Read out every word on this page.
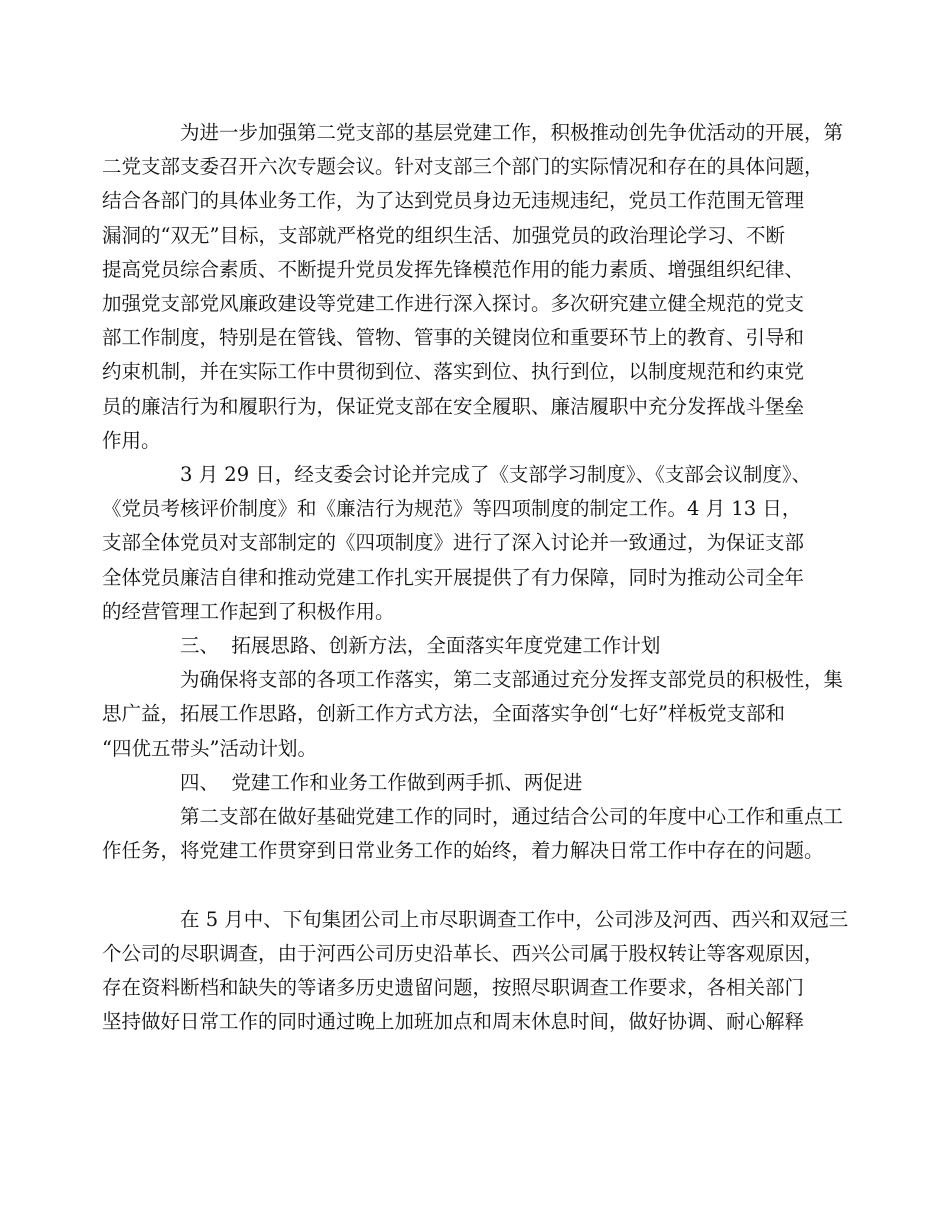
为进一步加强第二党支部的基层党建工作，积极推动创先争优活动的开展，第
二党支部支委召开六次专题会议。针对支部三个部门的实际情况和存在的具体问题，
结合各部门的具体业务工作，为了达到党员身边无违规违纪，党员工作范围无管理
漏洞的“双无”目标，支部就严格党的组织生活、加强党员的政治理论学习、不断
提高党员综合素质、不断提升党员发挥先锋模范作用的能力素质、增强组织纪律、
加强党支部党风廉政建设等党建工作进行深入探讨。多次研究建立健全规范的党支
部工作制度，特别是在管钱、管物、管事的关键岗位和重要环节上的教育、引导和
约束机制，并在实际工作中贯彻到位、落实到位、执行到位，以制度规范和约束党
员的廉洁行为和履职行为，保证党支部在安全履职、廉洁履职中充分发挥战斗堡垒
作用。
3 月 29 日，经支委会讨论并完成了《支部学习制度》、《支部会议制度》、
《党员考核评价制度》和《廉洁行为规范》等四项制度的制定工作。4 月 13 日，
支部全体党员对支部制定的《四项制度》进行了深入讨论并一致通过，为保证支部
全体党员廉洁自律和推动党建工作扎实开展提供了有力保障，同时为推动公司全年
的经营管理工作起到了积极作用。
三、  拓展思路、创新方法，全面落实年度党建工作计划
为确保将支部的各项工作落实，第二支部通过充分发挥支部党员的积极性，集
思广益，拓展工作思路，创新工作方式方法，全面落实争创“七好”样板党支部和
“四优五带头”活动计划。
四、  党建工作和业务工作做到两手抓、两促进
第二支部在做好基础党建工作的同时，通过结合公司的年度中心工作和重点工
作任务，将党建工作贯穿到日常业务工作的始终，着力解决日常工作中存在的问题。
在 5 月中、下旬集团公司上市尽职调查工作中，公司涉及河西、西兴和双冠三
个公司的尽职调查，由于河西公司历史沿革长、西兴公司属于股权转让等客观原因，
存在资料断档和缺失的等诸多历史遗留问题，按照尽职调查工作要求，各相关部门
坚持做好日常工作的同时通过晚上加班加点和周末休息时间，做好协调、耐心解释
